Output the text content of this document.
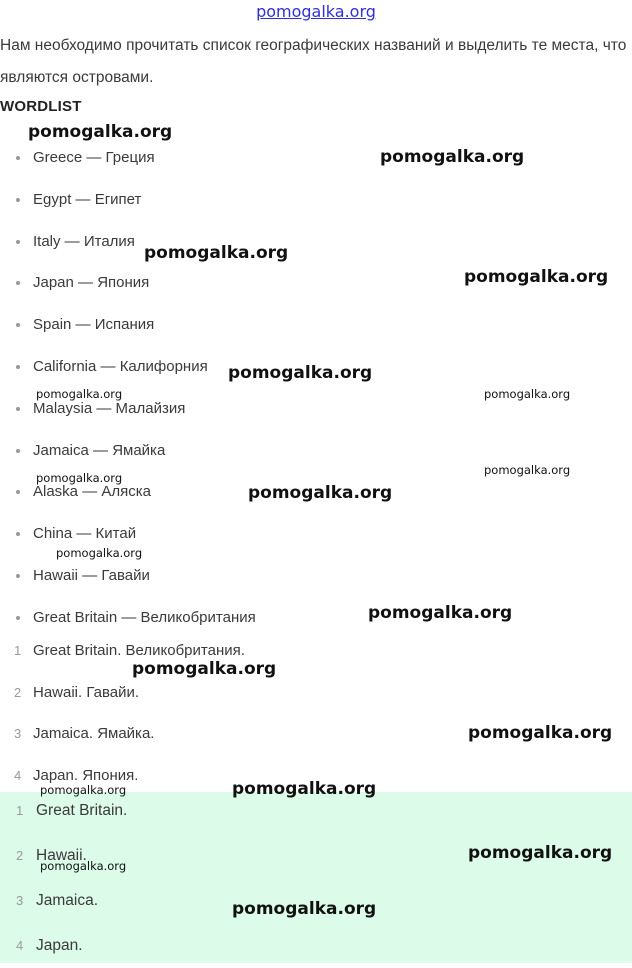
pomogalka.org
Нам необходимо прочитать список географических названий и выделить те места, что являются островами.
WORDLIST
Greece — Греция
Egypt — Египет
Italy — Италия
Japan — Япония
Spain — Испания
California — Калифорния
Malaysia — Малайзия
Jamaica — Ямайка
Alaska — Аляска
China — Китай
Hawaii — Гавайи
Great Britain — Великобритания
1 Great Britain. Великобритания.
2 Hawaii. Гавайи.
3 Jamaica. Ямайка.
4 Japan. Япония.
1 Great Britain.
2 Hawaii.
3 Jamaica.
4 Japan.
pomogalka.org
pomogalka.org
pomogalka.org
pomogalka.org
pomogalka.org
pomogalka.org	pomogalka.org
pomogalka.org
pomogalka.org
pomogalka.org
pomogalka.org
pomogalka.org
pomogalka.org
pomogalka.org
pomogalka.org	pomogalka.org
pomogalka.org
pomogalka.org
pomogalka.org
